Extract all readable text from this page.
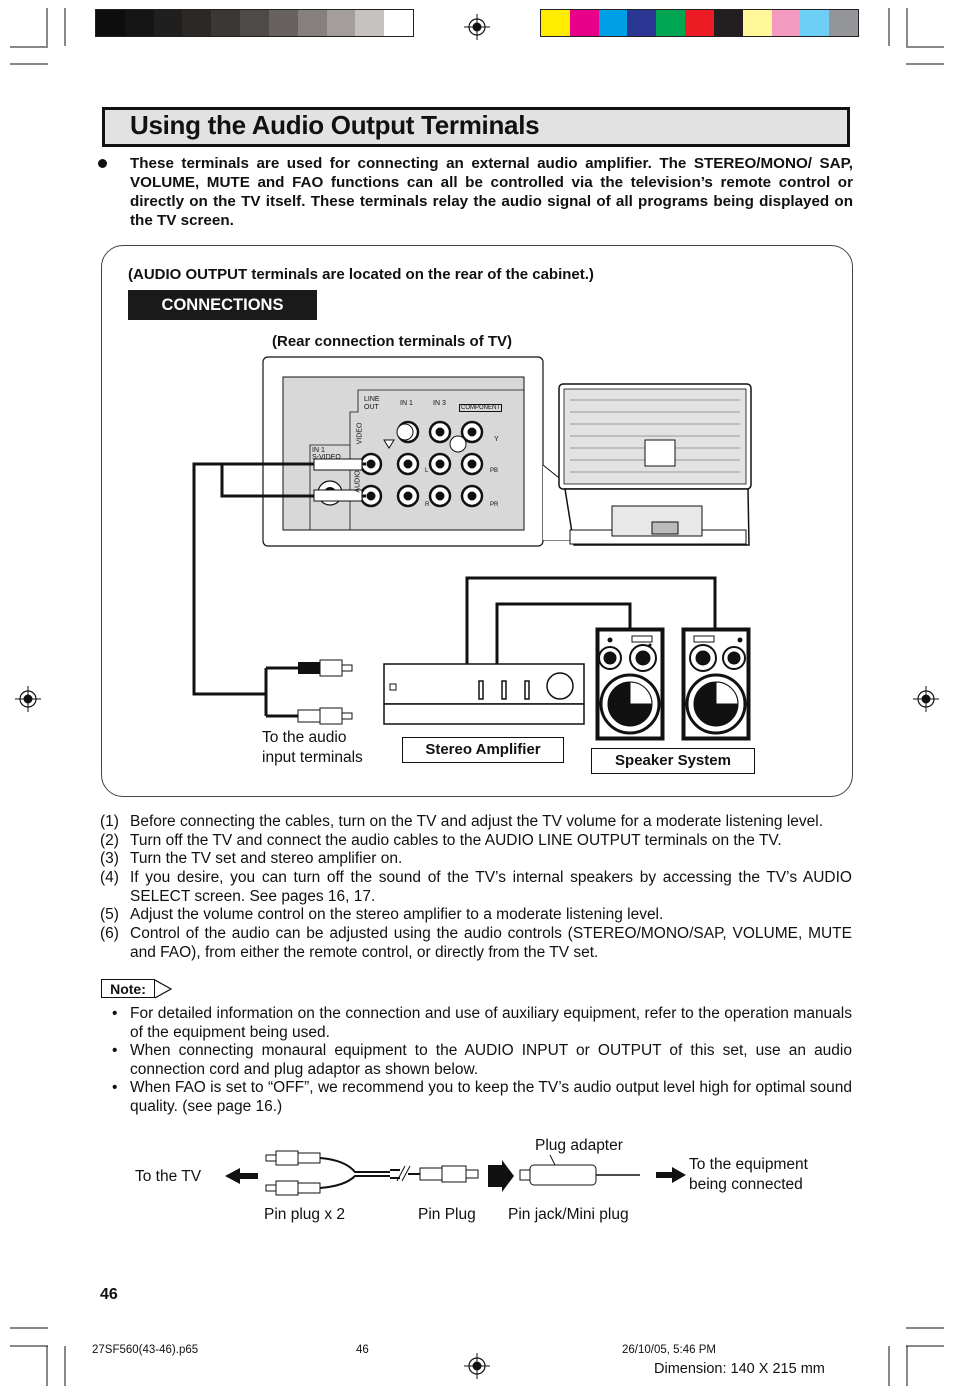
Using the Audio Output Terminals
These terminals are used for connecting an external audio amplifier. The STEREO/MONO/ SAP, VOLUME, MUTE and FAO functions can all be controlled via the television’s remote control or directly on the TV itself. These terminals relay the audio signal of all programs being displayed on the TV screen.
(AUDIO OUTPUT terminals are located on the rear of the cabinet.)
CONNECTIONS
(Rear connection terminals of TV)
LINE
OUT
IN 1	IN 3
COMPONENT
VIDEO
AUDIO
IN 1
S-VIDEO
Y
PB
PR
L
R
To the audio
input terminals	Stereo Amplifier
Speaker System
(1) Before connecting the cables, turn on the TV and adjust the TV volume for a moderate listening level.
(2) Turn off the TV and connect the audio cables to the AUDIO LINE OUTPUT terminals on the TV.
(3) Turn the TV set and stereo amplifier on.
(4) If you desire, you can turn off the sound of the TV’s internal speakers by accessing the TV’s AUDIO SELECT screen. See pages 16, 17.
(5) Adjust the volume control on the stereo amplifier to a moderate listening level.
(6) Control of the audio can be adjusted using the audio controls (STEREO/MONO/SAP, VOLUME, MUTE and FAO), from either the remote control, or directly from the TV set.
Note:
• For detailed information on the connection and use of auxiliary equipment, refer to the operation manuals of the equipment being used.
• When connecting monaural equipment to the AUDIO INPUT or OUTPUT of this set, use an audio connection cord and plug adaptor as shown below.
• When FAO is set to “OFF”, we recommend you to keep the TV’s audio output level high for optimal sound quality. (see page 16.)
To the TV
Pin plug x 2	Pin Plug
Plug adapter
Pin jack/Mini plug
To the equipment
being connected
46
27SF560(43-46).p65	46	26/10/05, 5:46 PM
Dimension: 140 X 215 mm
